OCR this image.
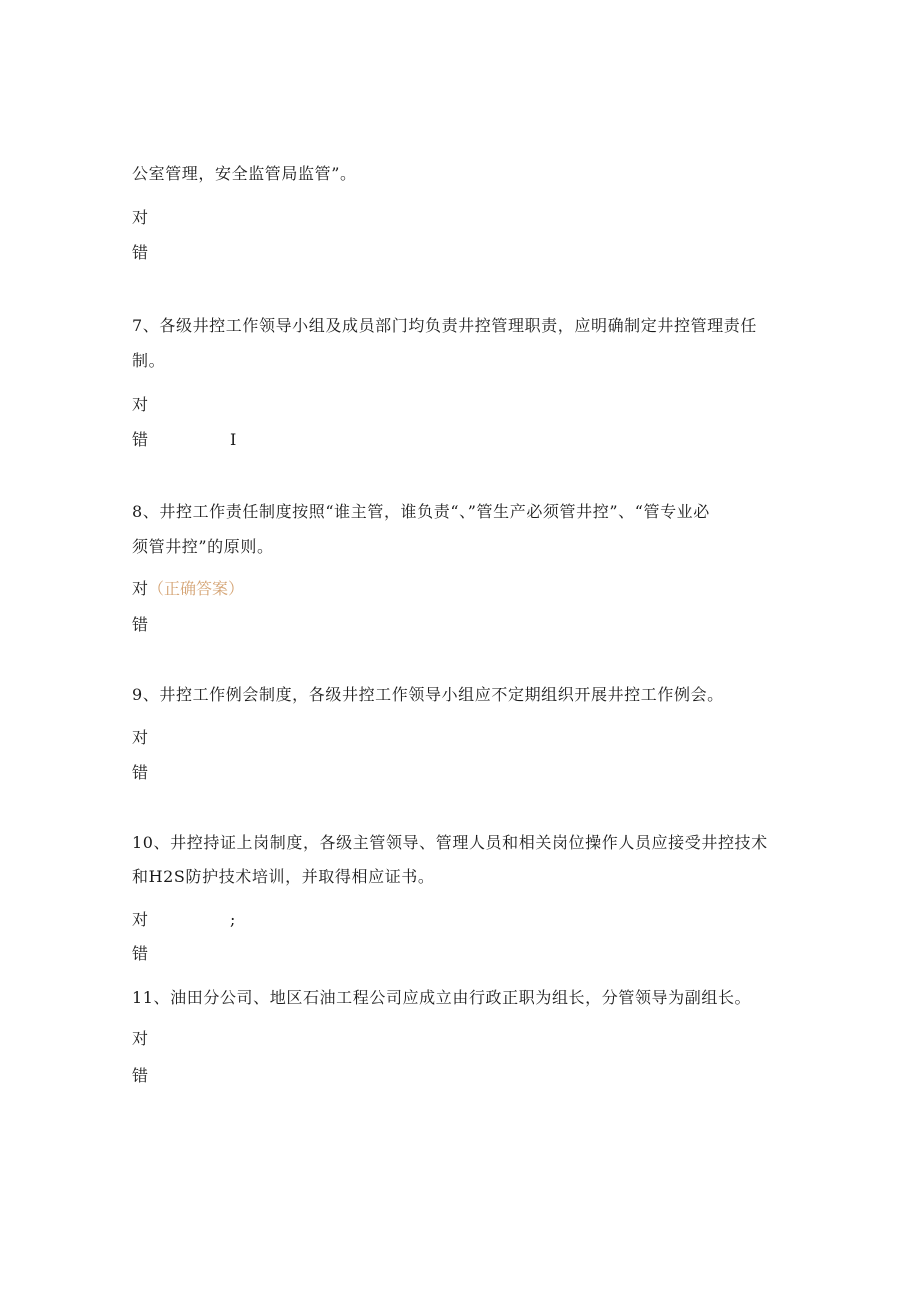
公室管理，安全监管局监管”。

对
错

7、各级井控工作领导小组及成员部门均负责井控管理职责，应明确制定井控管理责任

制。

对
错	I

8、井控工作责任制度按照“谁主管，谁负责“、”管生产必须管井控”、“管专业必

须管井控”的原则。

对（正确答案）
错

9、井控工作例会制度，各级井控工作领导小组应不定期组织开展井控工作例会。

对
错

10、井控持证上岗制度，各级主管领导、管理人员和相关岗位操作人员应接受井控技术

和H2S防护技术培训，并取得相应证书。

对	;
错

11、油田分公司、地区石油工程公司应成立由行政正职为组长，分管领导为副组长。

对
错
